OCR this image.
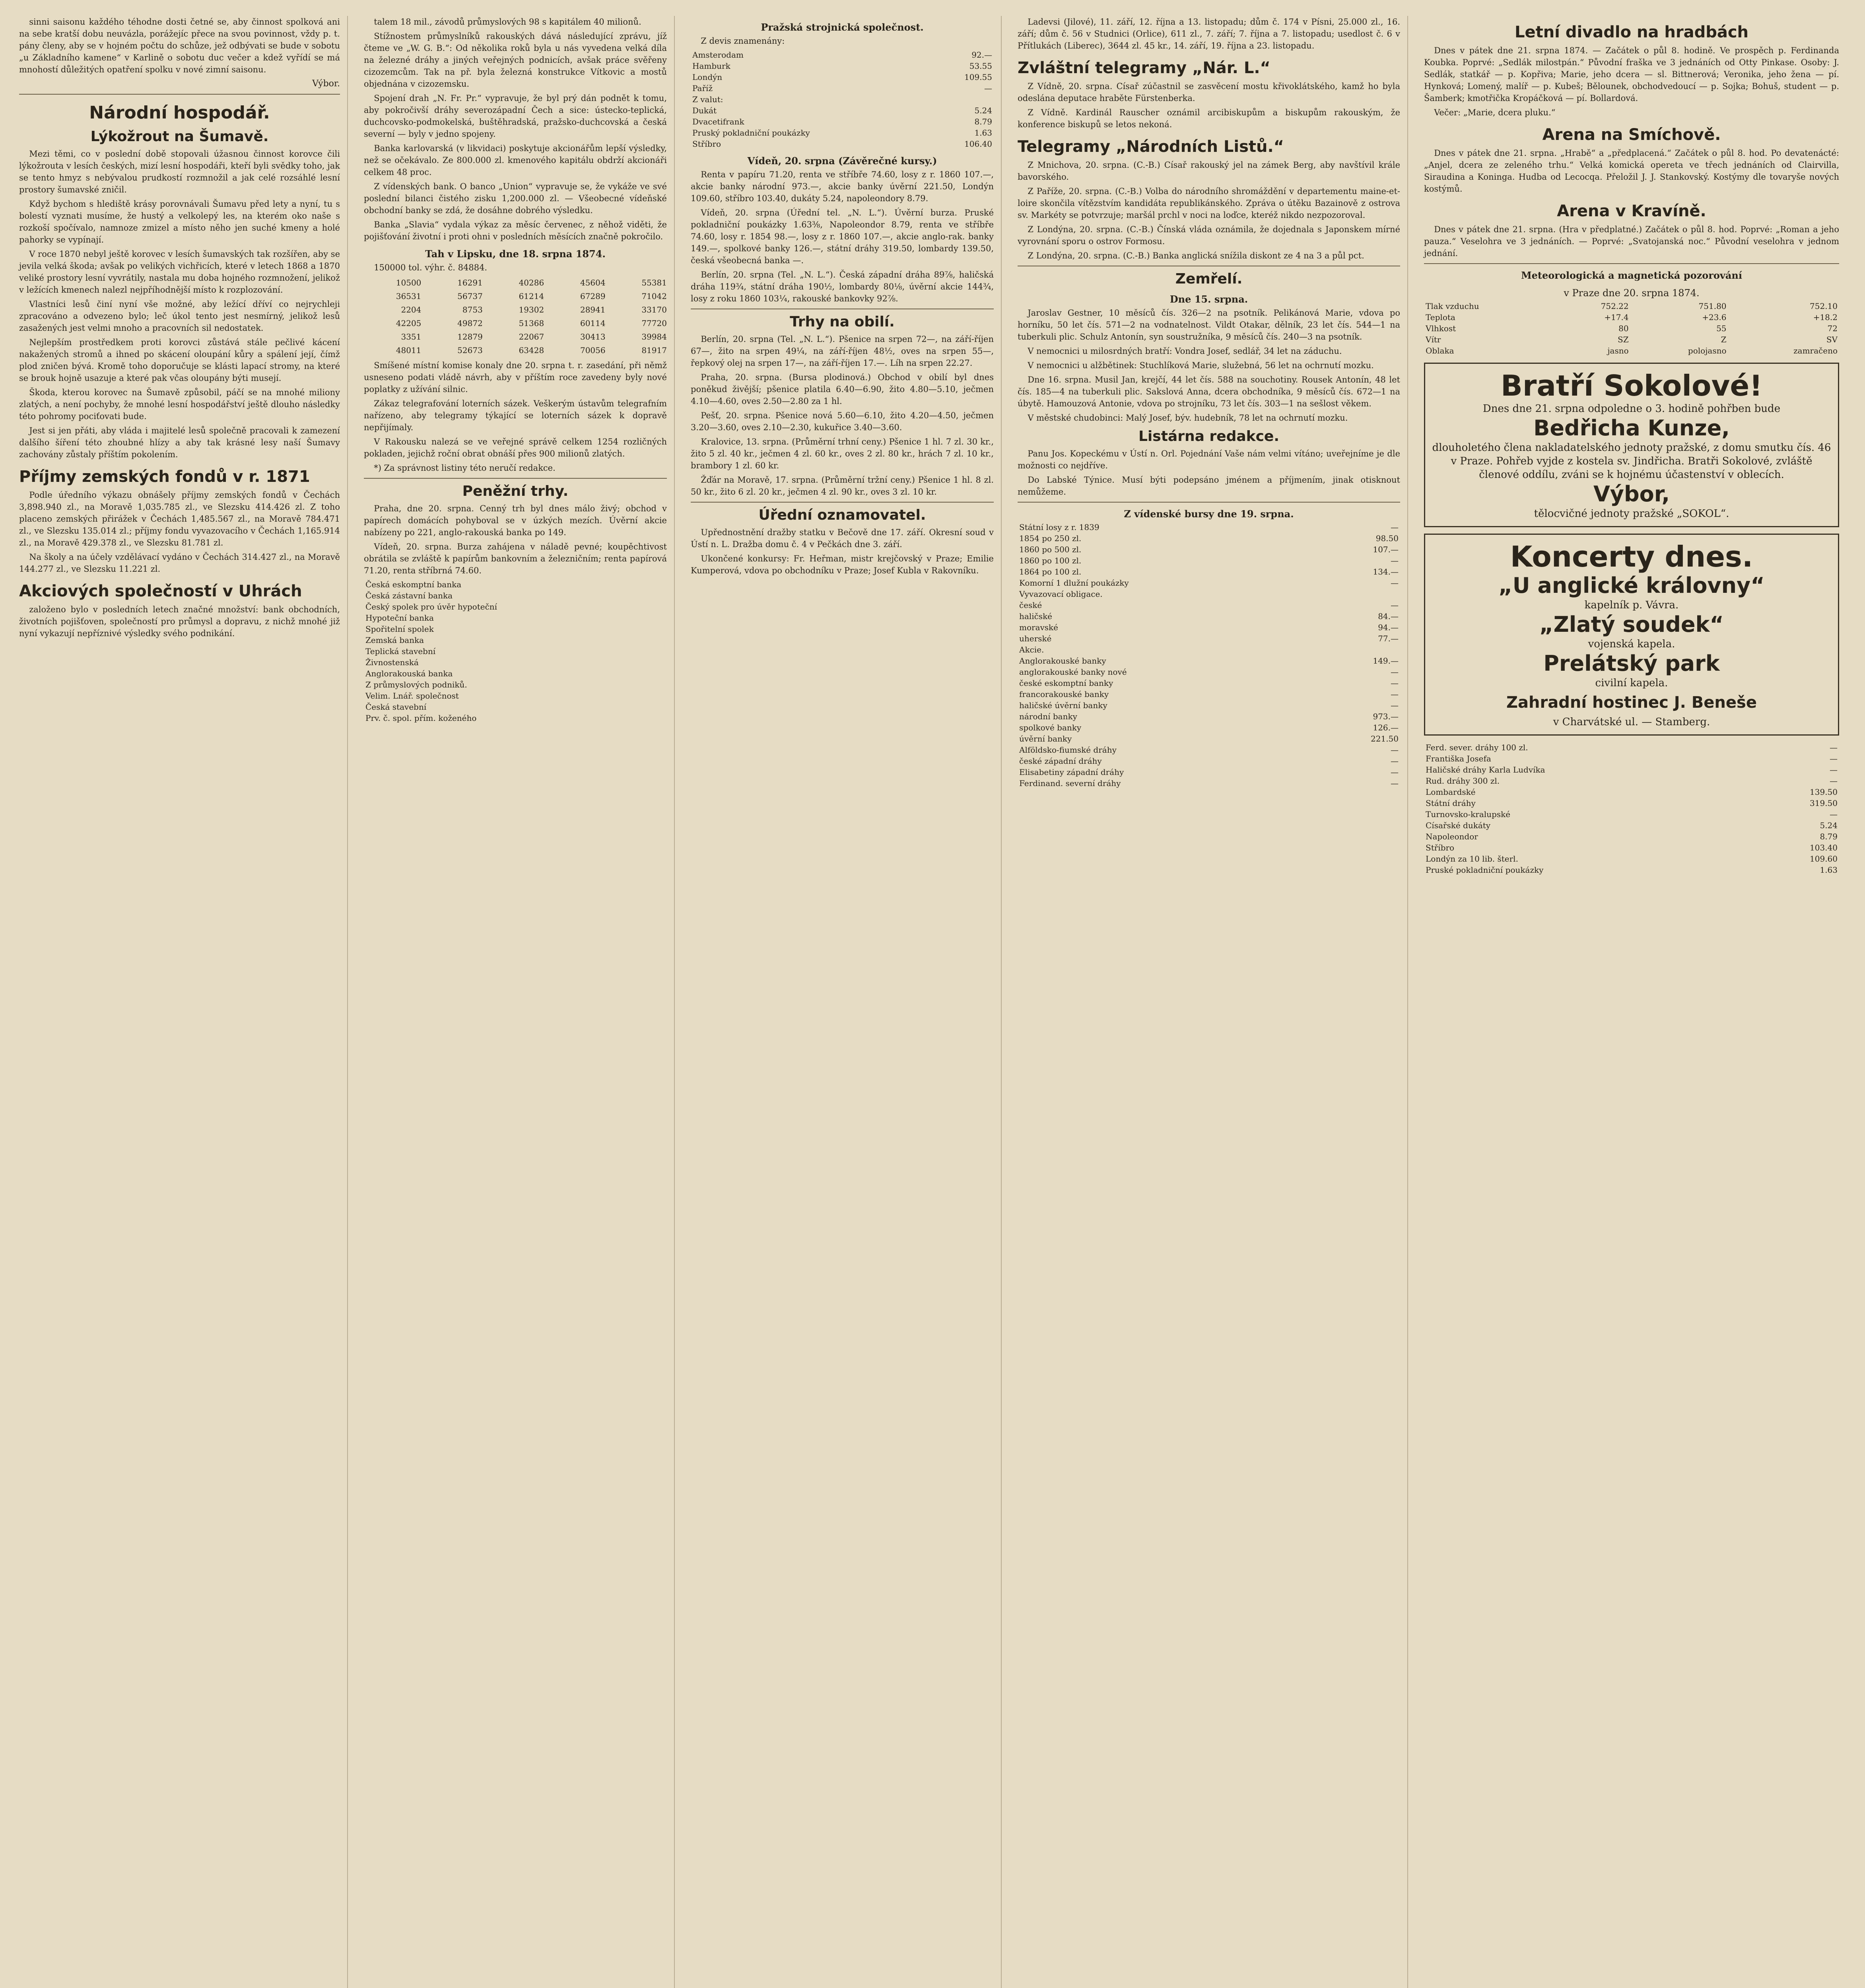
sinni saisonu každého téhodne dosti četné se, aby činnost spolková ani na sebe kratší dobu neuvázla, porážejíc přece na svou povinnost, vždy p. t. pány členy, aby se v hojném počtu do schůze, jež odbývati se bude v sobotu „u Základního kamene“ v Karlině o sobotu duc večer a kdež vyřídí se má mnohostí důležitých opatření spolku v nové zimní saisonu.

Výbor.
Národní hospodář.
Lýkožrout na Šumavě.

Mezi těmi, co v poslední době stopovali úžasnou činnost korovce čili lýkožrouta v lesích českých, mizí lesní hospodáři, kteří byli svědky toho, jak se tento hmyz s nebývalou prudkostí rozmnožil a jak celé rozsáhlé lesní prostory šumavské zničil.

Když bychom s hlediště krásy porovnávali Šumavu před lety a nyní, tu s bolestí vyznati musíme, že hustý a velkolepý les, na kterém oko naše s rozkoší spočívalo, namnoze zmizel a místo něho jen suché kmeny a holé pahorky se vypínají.

V roce 1870 nebyl ještě korovec v lesích šumavských tak rozšířen, aby se jevila velká škoda; avšak po velikých vichřicích, které v letech 1868 a 1870 veliké prostory lesní vyvrátily, nastala mu doba hojného rozmnožení, jelikož v ležících kmenech nalezl nejpříhodnější místo k rozplozování.

Vlastníci lesů činí nyní vše možné, aby ležící dříví co nejrychleji zpracováno a odvezeno bylo; leč úkol tento jest nesmírný, jelikož lesů zasažených jest velmi mnoho a pracovních sil nedostatek.

Nejlepším prostředkem proti korovci zůstává stále pečlivé kácení nakažených stromů a ihned po skácení oloupání kůry a spálení její, čímž plod zničen bývá. Kromě toho doporučuje se klásti lapací stromy, na které se brouk hojně usazuje a které pak včas oloupány býti musejí.

Škoda, kterou korovec na Šumavě způsobil, páčí se na mnohé miliony zlatých, a není pochyby, že mnohé lesní hospodářství ještě dlouho následky této pohromy pociťovati bude.

Jest si jen přáti, aby vláda i majitelé lesů společně pracovali k zamezení dalšího šíření této zhoubné hlízy a aby tak krásné lesy naší Šumavy zachovány zůstaly příštím pokolením.

Příjmy zemských fondů v r. 1871

Podle úředního výkazu obnášely příjmy zemských fondů v Čechách 3,898.940 zl., na Moravě 1,035.785 zl., ve Slezsku 414.426 zl. Z toho placeno zemských přirážek v Čechách 1,485.567 zl., na Moravě 784.471 zl., ve Slezsku 135.014 zl.; příjmy fondu vyvazovacího v Čechách 1,165.914 zl., na Moravě 429.378 zl., ve Slezsku 81.781 zl.

Na školy a na účely vzdělávací vydáno v Čechách 314.427 zl., na Moravě 144.277 zl., ve Slezsku 11.221 zl.

Akciových společností v Uhrách

založeno bylo v posledních letech značné množství: bank obchodních, životních pojišťoven, společností pro průmysl a dopravu, z nichž mnohé již nyní vykazují nepříznivé výsledky svého podnikání.

talem 18 mil., závodů průmyslových 98 s kapitálem 40 milionů.

Stížnostem průmyslníků rakouských dává následující zprávu, jíž čteme ve „W. G. B.“: Od několika roků byla u nás vyvedena velká díla na železné dráhy a jiných veřejných podnicích, avšak práce svěřeny cizozemcům. Tak na př. byla železná konstrukce Vítkovic a mostů objednána v cizozemsku.

Spojení drah „N. Fr. Pr.“ vypravuje, že byl prý dán podnět k tomu, aby pokročivší dráhy severozápadní Čech a sice: ústecko-teplická, duchcovsko-podmokelská, buštěhradská, pražsko-duchcovská a česká severní — byly v jedno spojeny.

Banka karlovarská (v likvidaci) poskytuje akcionářům lepší výsledky, než se očekávalo. Ze 800.000 zl. kmenového kapitálu obdrží akcionáři celkem 48 proc.

Z vídenských bank. O banco „Union“ vypravuje se, že vykáže ve své poslední bilanci čistého zisku 1,200.000 zl. — Všeobecné vídeňské obchodní banky se zdá, že dosáhne dobrého výsledku.

Banka „Slavia“ vydala výkaz za měsíc červenec, z něhož viděti, že pojišťování životní i proti ohni v posledních měsících značně pokročilo.

Tah v Lipsku, dne 18. srpna 1874.

150000 tol. výhr. č. 84884.

10500	16291	40286	45604	55381
36531	56737	61214	67289	71042
2204	8753	19302	28941	33170
42205	49872	51368	60114	77720
3351	12879	22067	30413	39984
48011	52673	63428	70056	81917

Smíšené místní komise konaly dne 20. srpna t. r. zasedání, při němž usneseno podati vládě návrh, aby v příštím roce zavedeny byly nové poplatky z užívání silnic.

Zákaz telegrafování loterních sázek. Veškerým ústavům telegrafním nařízeno, aby telegramy týkající se loterních sázek k dopravě nepřijímaly.

V Rakousku nalezá se ve veřejné správě celkem 1254 rozličných pokladen, jejichž roční obrat obnáší přes 900 milionů zlatých.

*) Za správnost listiny této neručí redakce.

Peněžní trhy.

Praha, dne 20. srpna. Cenný trh byl dnes málo živý; obchod v papírech domácích pohyboval se v úzkých mezích. Úvěrní akcie nabízeny po 221, anglo-rakouská banka po 149.

Vídeň, 20. srpna. Burza zahájena v náladě pevné; koupěchtivost obrátila se zvláště k papírům bankovním a železničním; renta papírová 71.20, renta stříbrná 74.60.

Česká eskomptní banka	
Česká zástavní banka	
Český spolek pro úvěr hypoteční	
Hypoteční banka	
Spořitelní spolek	
Zemská banka	
Teplická stavební	
Živnostenská	
Anglorakouská banka	
Z průmyslových podniků.	
Velim. Lnář. společnost	
Česká stavební	
Prv. č. spol. přím. koženého	
Pražská strojnická společnost.

Z devis znamenány:

Amsterodam	92.—
Hamburk	53.55
Londýn	109.55
Paříž	—
Z valut:	
Dukát	5.24
Dvacetifrank	8.79
Pruský pokladniční poukázky	1.63
Stříbro	106.40
Vídeň, 20. srpna (Závěrečné kursy.)

Renta v papíru 71.20, renta ve stříbře 74.60, losy z r. 1860 107.—, akcie banky národní 973.—, akcie banky úvěrní 221.50, Londýn 109.60, stříbro 103.40, dukáty 5.24, napoleondory 8.79.

Vídeň, 20. srpna (Úřední tel. „N. L.“). Úvěrní burza. Pruské pokladniční poukázky 1.63⅜, Napoleondor 8.79, renta ve stříbře 74.60, losy r. 1854 98.—, losy z r. 1860 107.—, akcie anglo-rak. banky 149.—, spolkové banky 126.—, státní dráhy 319.50, lombardy 139.50, česká všeobecná banka —.

Berlín, 20. srpna (Tel. „N. L.“). Česká západní dráha 89⅞, haličská dráha 119¾, státní dráha 190½, lombardy 80⅛, úvěrní akcie 144¾, losy z roku 1860 103¼, rakouské bankovky 92⅞.

Trhy na obilí.

Berlín, 20. srpna (Tel. „N. L.“). Pšenice na srpen 72—, na září-říjen 67—, žito na srpen 49¼, na září-říjen 48½, oves na srpen 55—, řepkový olej na srpen 17—, na září-říjen 17.—. Líh na srpen 22.27.

Praha, 20. srpna. (Bursa plodinová.) Obchod v obilí byl dnes poněkud živější; pšenice platila 6.40—6.90, žito 4.80—5.10, ječmen 4.10—4.60, oves 2.50—2.80 za 1 hl.

Pešť, 20. srpna. Pšenice nová 5.60—6.10, žito 4.20—4.50, ječmen 3.20—3.60, oves 2.10—2.30, kukuřice 3.40—3.60.

Kralovice, 13. srpna. (Průměrní trhní ceny.) Pšenice 1 hl. 7 zl. 30 kr., žito 5 zl. 40 kr., ječmen 4 zl. 60 kr., oves 2 zl. 80 kr., hrách 7 zl. 10 kr., brambory 1 zl. 60 kr.

Žďár na Moravě, 17. srpna. (Průměrní tržní ceny.) Pšenice 1 hl. 8 zl. 50 kr., žito 6 zl. 20 kr., ječmen 4 zl. 90 kr., oves 3 zl. 10 kr.

Úřední oznamovatel.

Upřednostnění dražby statku v Bečově dne 17. září. Okresní soud v Ústí n. L. Dražba domu č. 4 v Pečkách dne 3. září.

Ukončené konkursy: Fr. Heřman, mistr krejčovský v Praze; Emilie Kumperová, vdova po obchodníku v Praze; Josef Kubla v Rakovníku.

Ladevsi (Jilové), 11. září, 12. října a 13. listopadu; dům č. 174 v Písni, 25.000 zl., 16. září; dům č. 56 v Studnici (Orlice), 611 zl., 7. září; 7. října a 7. listopadu; usedlost č. 6 v Přítlukách (Liberec), 3644 zl. 45 kr., 14. září, 19. října a 23. listopadu.

Zvláštní telegramy „Nár. L.“

Z Vídně, 20. srpna. Císař zúčastnil se zasvěcení mostu křivoklátského, kamž ho byla odeslána deputace hraběte Fürstenberka.

Z Vídně. Kardinál Rauscher oznámil arcibiskupům a biskupům rakouským, že konference biskupů se letos nekoná.

Telegramy „Národních Listů.“

Z Mnichova, 20. srpna. (C.-B.) Císař rakouský jel na zámek Berg, aby navštívil krále bavorského.

Z Paříže, 20. srpna. (C.-B.) Volba do národního shromáždění v departementu maine-et-loire skončila vítězstvím kandidáta republikánského. Zpráva o útěku Bazainově z ostrova sv. Markéty se potvrzuje; maršál prchl v noci na loďce, kteréž nikdo nezpozoroval.

Z Londýna, 20. srpna. (C.-B.) Čínská vláda oznámila, že dojednala s Japonskem mírné vyrovnání sporu o ostrov Formosu.

Z Londýna, 20. srpna. (C.-B.) Banka anglická snížila diskont ze 4 na 3 a půl pct.

Zemřelí.
Dne 15. srpna.

Jaroslav Gestner, 10 měsíců čís. 326—2 na psotník. Pelikánová Marie, vdova po horníku, 50 let čís. 571—2 na vodnatelnost. Vildt Otakar, dělník, 23 let čís. 544—1 na tuberkuli plic. Schulz Antonín, syn soustružníka, 9 měsíců čís. 240—3 na psotník.

V nemocnici u milosrdných bratří: Vondra Josef, sedlář, 34 let na záduchu.

V nemocnici u alžbětinek: Stuchlíková Marie, služebná, 56 let na ochrnutí mozku.

Dne 16. srpna. Musil Jan, krejčí, 44 let čís. 588 na souchotiny. Rousek Antonín, 48 let čís. 185—4 na tuberkuli plic. Sakslová Anna, dcera obchodníka, 9 měsíců čís. 672—1 na úbytě. Hamouzová Antonie, vdova po strojníku, 73 let čís. 303—1 na sešlost věkem.

V městské chudobinci: Malý Josef, býv. hudebník, 78 let na ochrnutí mozku.

Listárna redakce.

Panu Jos. Kopeckému v Ústí n. Orl. Pojednání Vaše nám velmi vítáno; uveřejníme je dle možnosti co nejdříve.

Do Labské Týnice. Musí býti podepsáno jménem a příjmením, jinak otisknout nemůžeme.

Z vídenské bursy dne 19. srpna.
Státní losy z r. 1839	—
1854 po 250 zl.	98.50
1860 po 500 zl.	107.—
1860 po 100 zl.	—
1864 po 100 zl.	134.—
Komorní 1 dlužní poukázky	—
Vyvazovací obligace.	
české	—
haličské	84.—
moravské	94.—
uherské	77.—
Akcie.	
Anglorakouské banky	149.—
anglorakouské banky nové	—
české eskomptní banky	—
francorakouské banky	—
haličské úvěrní banky	—
národní banky	973.—
spolkové banky	126.—
úvěrní banky	221.50
Alföldsko-fiumské dráhy	—
české západní dráhy	—
Elisabetiny západní dráhy	—
Ferdinand. severní dráhy	—
Letní divadlo na hradbách

Dnes v pátek dne 21. srpna 1874. — Začátek o půl 8. hodině. Ve prospěch p. Ferdinanda Koubka. Poprvé: „Sedlák milostpán.“ Původní fraška ve 3 jednáních od Otty Pinkase. Osoby: J. Sedlák, statkář — p. Kopřiva; Marie, jeho dcera — sl. Bittnerová; Veronika, jeho žena — pí. Hynková; Lomený, malíř — p. Kubeš; Bělounek, obchodvedoucí — p. Sojka; Bohuš, student — p. Šamberk; kmotřička Kropáčková — pí. Bollardová.

Večer: „Marie, dcera pluku.“

Arena na Smíchově.

Dnes v pátek dne 21. srpna. „Hrabě“ a „předplacená.“ Začátek o půl 8. hod. Po devatenácté: „Anjel, dcera ze zeleného trhu.“ Velká komická opereta ve třech jednáních od Clairvilla, Siraudina a Koninga. Hudba od Lecocqa. Přeložil J. J. Stankovský. Kostýmy dle tovaryše nových kostýmů.

Arena v Kravíně.

Dnes v pátek dne 21. srpna. (Hra v předplatné.) Začátek o půl 8. hod. Poprvé: „Roman a jeho pauza.“ Veselohra ve 3 jednáních. — Poprvé: „Svatojanská noc.“ Původní veselohra v jednom jednání.

Meteorologická a magnetická pozorování
v Praze dne 20. srpna 1874.
Tlak vzduchu	752.22	751.80	752.10
Teplota	+17.4	+23.6	+18.2
Vlhkost	80	55	72
Vítr	SZ	Z	SV
Oblaka	jasno	polojasno	zamračeno
Bratří Sokolové!
Dnes dne 21. srpna odpoledne o 3. hodině pohřben bude
Bedřicha Kunze,
dlouholetého člena nakladatelského jednoty pražské, z domu smutku čís. 46 v Praze. Pohřeb vyjde z kostela sv. Jindřicha. Bratři Sokolové, zvláště členové oddílu, zváni se k hojnému účastenství v oblecích.
Výbor,
tělocvičné jednoty pražské „SOKOL“.
Koncerty dnes.
„U anglické královny“
kapelník p. Vávra.
„Zlatý soudek“
vojenská kapela.
Prelátský park
civilní kapela.
Zahradní hostinec J. Beneše
v Charvátské ul. — Stamberg.
Ferd. sever. dráhy 100 zl.	—
Františka Josefa	—
Haličské dráhy Karla Ludvíka	—
Rud. dráhy 300 zl.	—
Lombardské	139.50
Státní dráhy	319.50
Turnovsko-kralupské	—
Císařské dukáty	5.24
Napoleondor	8.79
Stříbro	103.40
Londýn za 10 lib. šterl.	109.60
Pruské pokladniční poukázky	1.63
